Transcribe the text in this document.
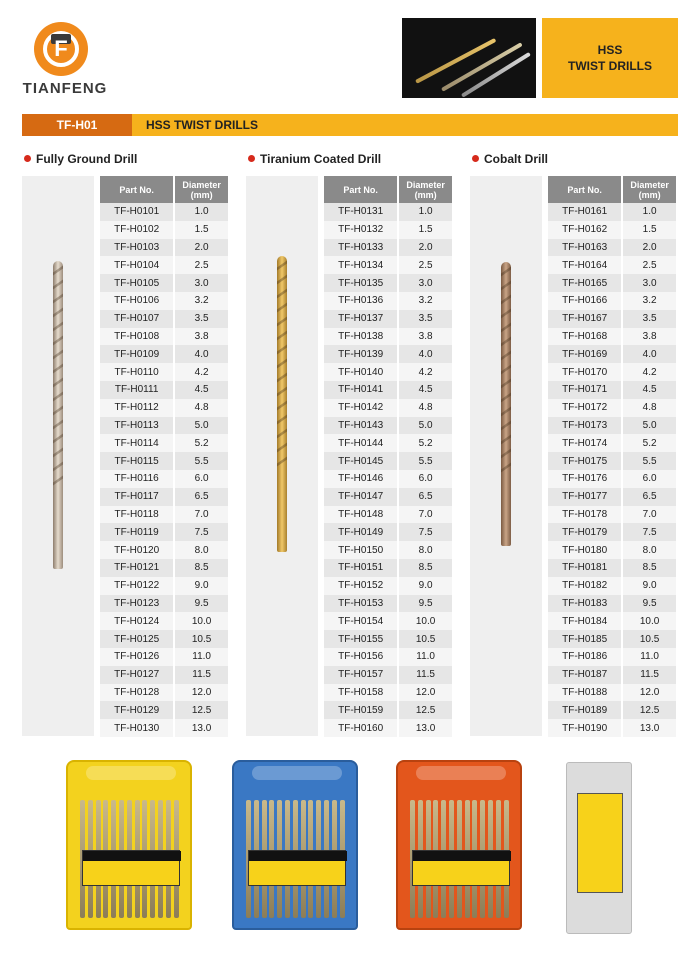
F
TIANFENG
HSS
TWIST DRILLS
TF-H01	HSS TWIST DRILLS
Fully Ground Drill
Part No.	Diameter (mm)
TF-H0101	1.0
TF-H0102	1.5
TF-H0103	2.0
TF-H0104	2.5
TF-H0105	3.0
TF-H0106	3.2
TF-H0107	3.5
TF-H0108	3.8
TF-H0109	4.0
TF-H0110	4.2
TF-H0111	4.5
TF-H0112	4.8
TF-H0113	5.0
TF-H0114	5.2
TF-H0115	5.5
TF-H0116	6.0
TF-H0117	6.5
TF-H0118	7.0
TF-H0119	7.5
TF-H0120	8.0
TF-H0121	8.5
TF-H0122	9.0
TF-H0123	9.5
TF-H0124	10.0
TF-H0125	10.5
TF-H0126	11.0
TF-H0127	11.5
TF-H0128	12.0
TF-H0129	12.5
TF-H0130	13.0
Tiranium Coated Drill
Part No.	Diameter (mm)
TF-H0131	1.0
TF-H0132	1.5
TF-H0133	2.0
TF-H0134	2.5
TF-H0135	3.0
TF-H0136	3.2
TF-H0137	3.5
TF-H0138	3.8
TF-H0139	4.0
TF-H0140	4.2
TF-H0141	4.5
TF-H0142	4.8
TF-H0143	5.0
TF-H0144	5.2
TF-H0145	5.5
TF-H0146	6.0
TF-H0147	6.5
TF-H0148	7.0
TF-H0149	7.5
TF-H0150	8.0
TF-H0151	8.5
TF-H0152	9.0
TF-H0153	9.5
TF-H0154	10.0
TF-H0155	10.5
TF-H0156	11.0
TF-H0157	11.5
TF-H0158	12.0
TF-H0159	12.5
TF-H0160	13.0
Cobalt Drill
Part No.	Diameter (mm)
TF-H0161	1.0
TF-H0162	1.5
TF-H0163	2.0
TF-H0164	2.5
TF-H0165	3.0
TF-H0166	3.2
TF-H0167	3.5
TF-H0168	3.8
TF-H0169	4.0
TF-H0170	4.2
TF-H0171	4.5
TF-H0172	4.8
TF-H0173	5.0
TF-H0174	5.2
TF-H0175	5.5
TF-H0176	6.0
TF-H0177	6.5
TF-H0178	7.0
TF-H0179	7.5
TF-H0180	8.0
TF-H0181	8.5
TF-H0182	9.0
TF-H0183	9.5
TF-H0184	10.0
TF-H0185	10.5
TF-H0186	11.0
TF-H0187	11.5
TF-H0188	12.0
TF-H0189	12.5
TF-H0190	13.0
